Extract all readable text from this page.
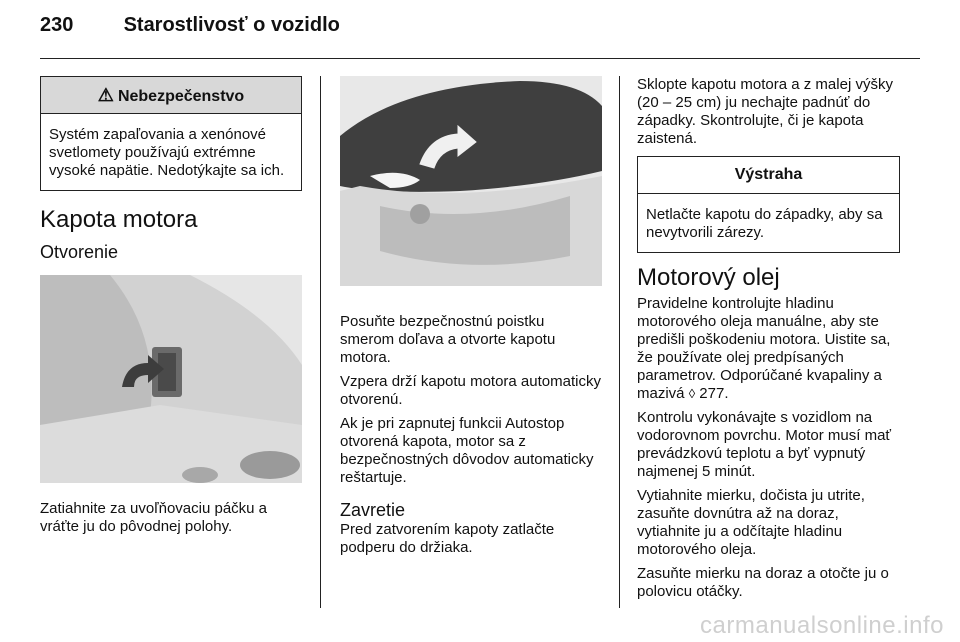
230	Starostlivosť o vozidlo
⚠ Nebezpečenstvo
Systém zapaľovania a xenónové svetlomety používajú extrémne vysoké napätie. Nedotýkajte sa ich.
Kapota motora
Otvorenie

Zatiahnite za uvoľňovaciu páčku a vráťte ju do pôvodnej polohy.

Posuňte bezpečnostnú poistku smerom doľava a otvorte kapotu motora.

Vzpera drží kapotu motora automaticky otvorenú.

Ak je pri zapnutej funkcii Autostop otvorená kapota, motor sa z bezpečnostných dôvodov automaticky reštartuje.

Zavretie

Pred zatvorením kapoty zatlačte podperu do držiaka.

Sklopte kapotu motora a z malej výšky (20 – 25 cm) ju nechajte padnúť do západky. Skontrolujte, či je kapota zaistená.

Výstraha
Netlačte kapotu do západky, aby sa nevytvorili zárezy.
Motorový olej

Pravidelne kontrolujte hladinu motorového oleja manuálne, aby ste predišli poškodeniu motora. Uistite sa, že používate olej predpísaných parametrov. Odporúčané kvapaliny a mazivá ◊ 277.

Kontrolu vykonávajte s vozidlom na vodorovnom povrchu. Motor musí mať prevádzkovú teplotu a byť vypnutý najmenej 5 minút.

Vytiahnite mierku, dočista ju utrite, zasuňte dovnútra až na doraz, vytiahnite ju a odčítajte hladinu motorového oleja.

Zasuňte mierku na doraz a otočte ju o polovicu otáčky.

carmanualsonline.info
